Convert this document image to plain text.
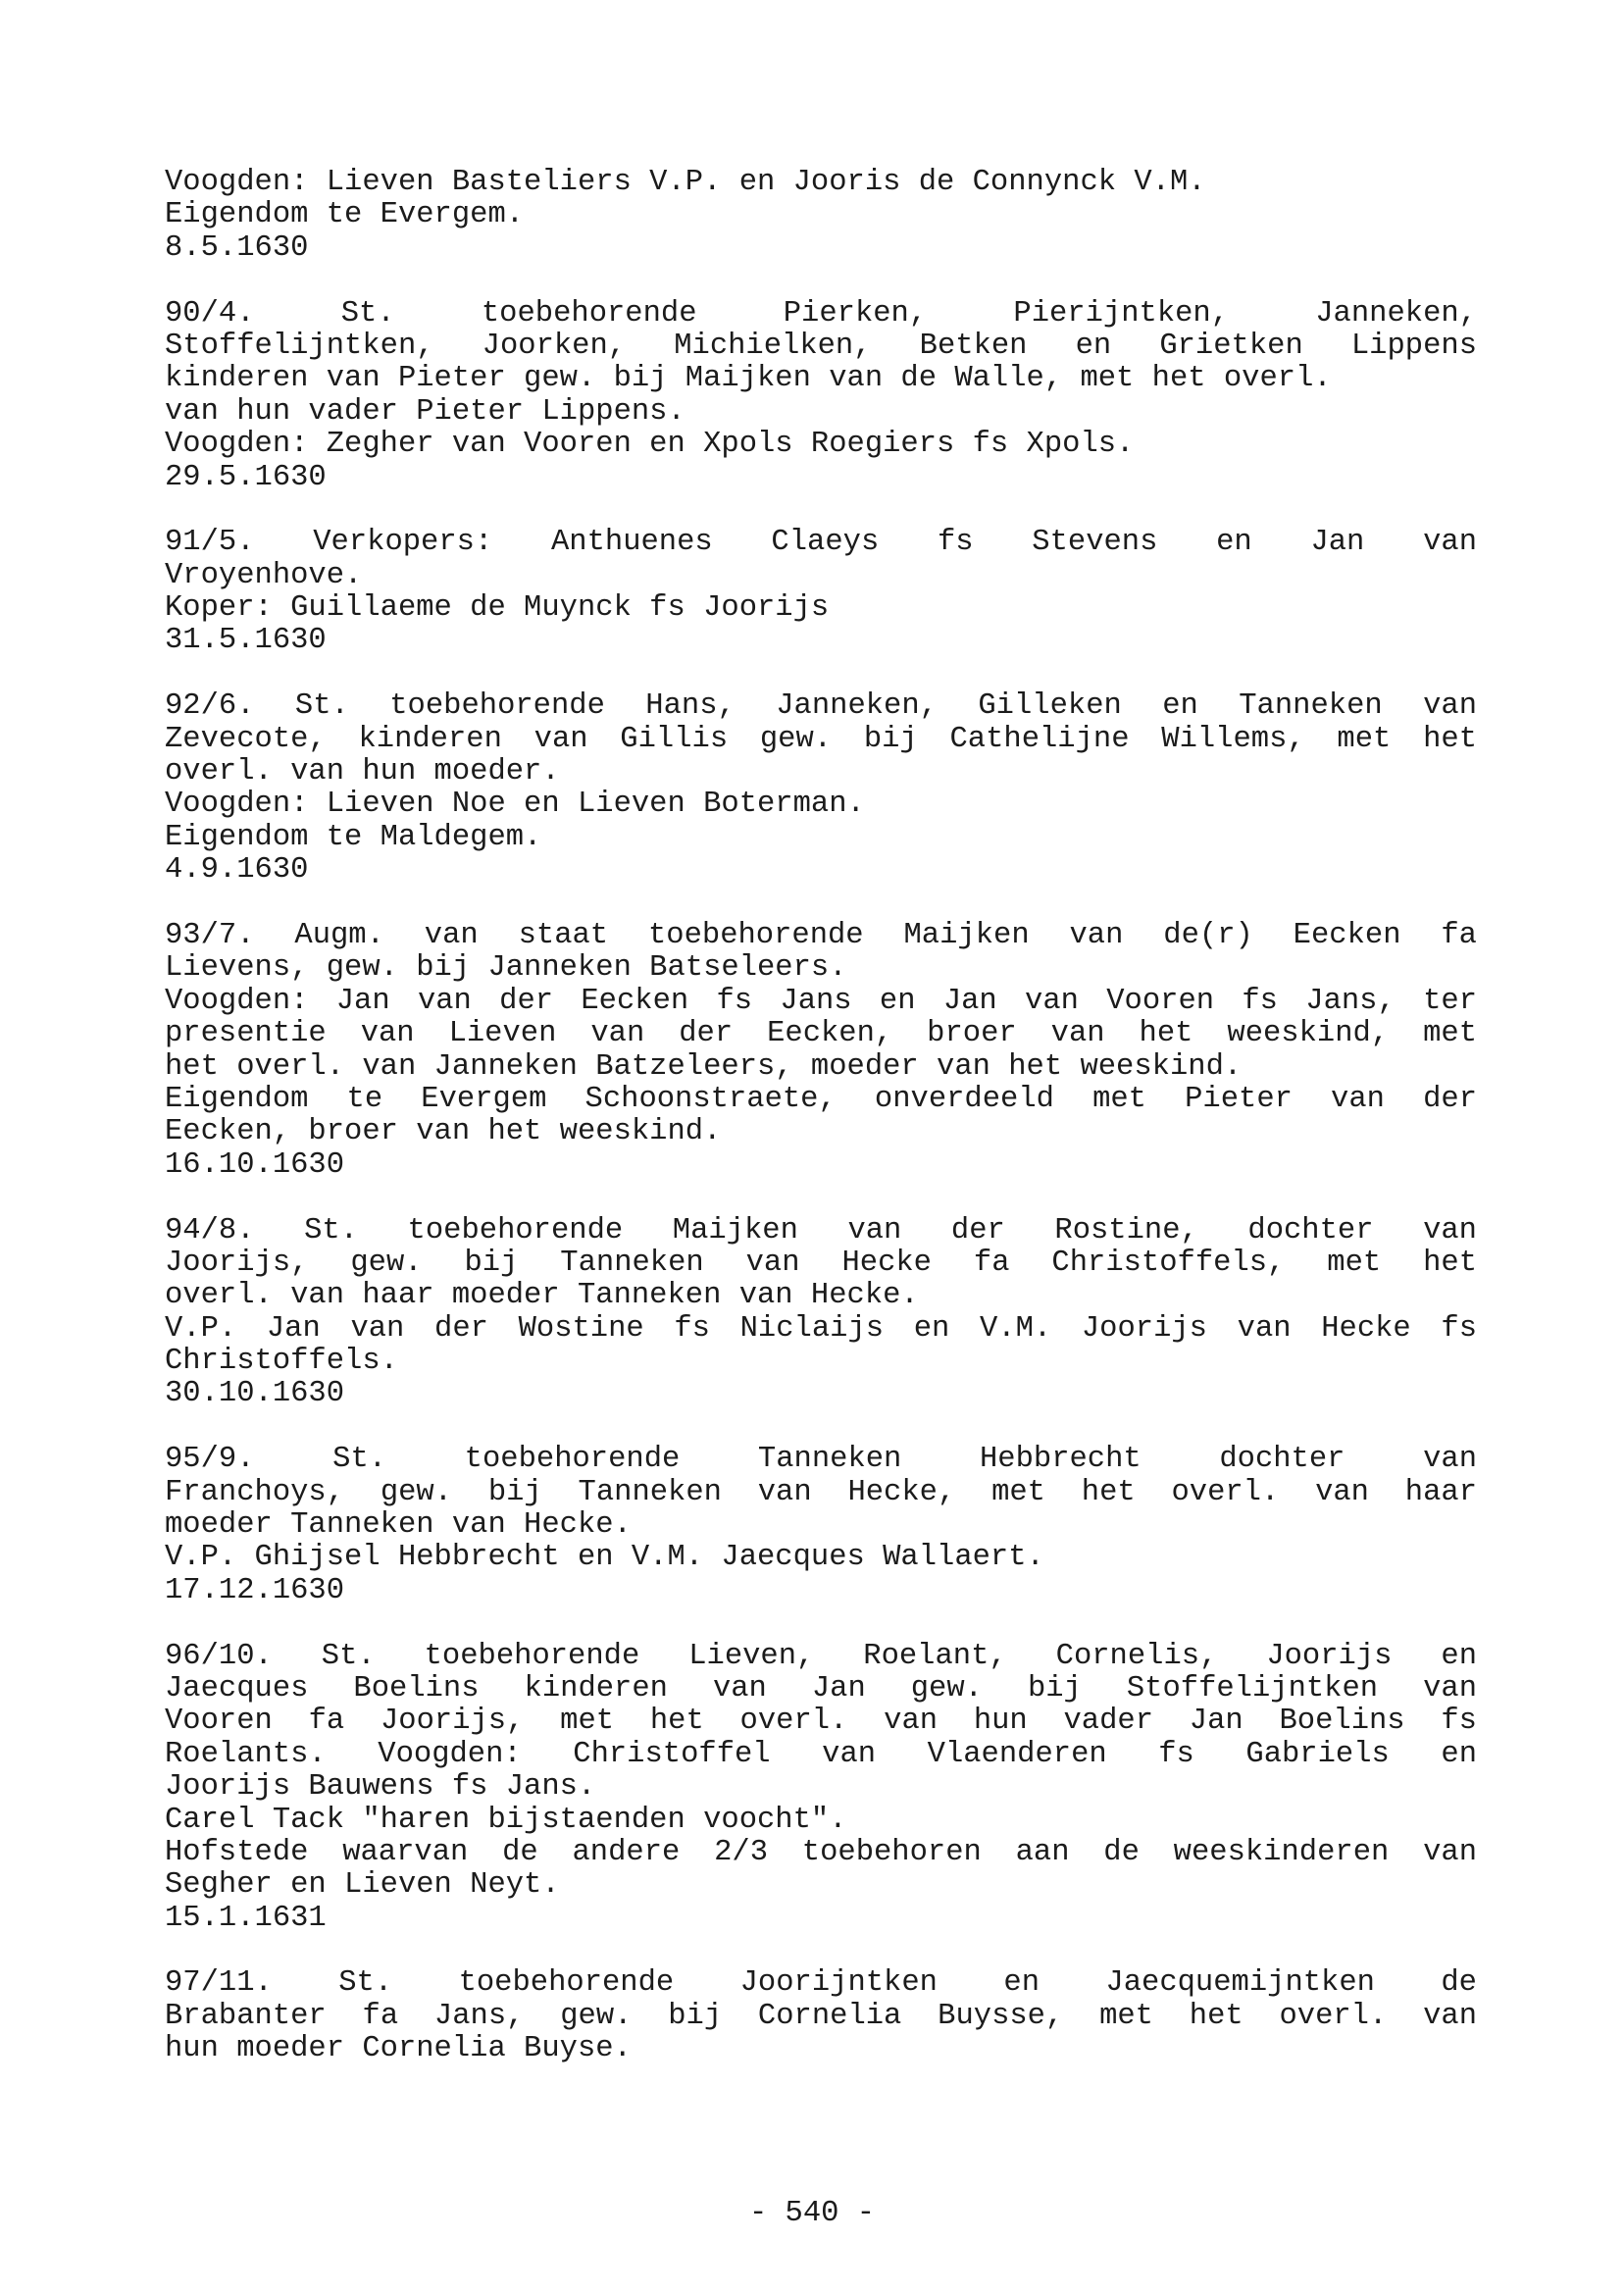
Voogden: Lieven Basteliers V.P. en Jooris de Connynck V.M.
Eigendom te Evergem.
8.5.1630
90/4. St. toebehorende Pierken, Pierijntken, Janneken,
Stoffelijntken, Joorken, Michielken, Betken en Grietken Lippens
kinderen van Pieter gew. bij Maijken van de Walle, met het overl.
van hun vader Pieter Lippens.
Voogden: Zegher van Vooren en Xpols Roegiers fs Xpols.
29.5.1630
91/5. Verkopers: Anthuenes Claeys fs Stevens en Jan van
Vroyenhove.
Koper: Guillaeme de Muynck fs Joorijs
31.5.1630
92/6. St. toebehorende Hans, Janneken, Gilleken en Tanneken van
Zevecote, kinderen van Gillis gew. bij Cathelijne Willems, met het
overl. van hun moeder.
Voogden: Lieven Noe en Lieven Boterman.
Eigendom te Maldegem.
4.9.1630
93/7. Augm. van staat toebehorende Maijken van de(r) Eecken fa
Lievens, gew. bij Janneken Batseleers.
Voogden: Jan van der Eecken fs Jans en Jan van Vooren fs Jans, ter
presentie van Lieven van der Eecken, broer van het weeskind, met
het overl. van Janneken Batzeleers, moeder van het weeskind.
Eigendom te Evergem Schoonstraete, onverdeeld met Pieter van der
Eecken, broer van het weeskind.
16.10.1630
94/8. St. toebehorende Maijken van der Rostine, dochter van
Joorijs, gew. bij Tanneken van Hecke fa Christoffels, met het
overl. van haar moeder Tanneken van Hecke.
V.P. Jan van der Wostine fs Niclaijs en V.M. Joorijs van Hecke fs
Christoffels.
30.10.1630
95/9. St. toebehorende Tanneken Hebbrecht dochter van
Franchoys, gew. bij Tanneken van Hecke, met het overl. van haar
moeder Tanneken van Hecke.
V.P. Ghijsel Hebbrecht en V.M. Jaecques Wallaert.
17.12.1630
96/10. St. toebehorende Lieven, Roelant, Cornelis, Joorijs en
Jaecques Boelins kinderen van Jan gew. bij Stoffelijntken van
Vooren fa Joorijs, met het overl. van hun vader Jan Boelins fs
Roelants. Voogden: Christoffel van Vlaenderen fs Gabriels en
Joorijs Bauwens fs Jans.
Carel Tack "haren bijstaenden voocht".
Hofstede waarvan de andere 2/3 toebehoren aan de weeskinderen van
Segher en Lieven Neyt.
15.1.1631
97/11. St. toebehorende Joorijntken en Jaecquemijntken de
Brabanter fa Jans, gew. bij Cornelia Buysse, met het overl. van
hun moeder Cornelia Buyse.
- 540 -
